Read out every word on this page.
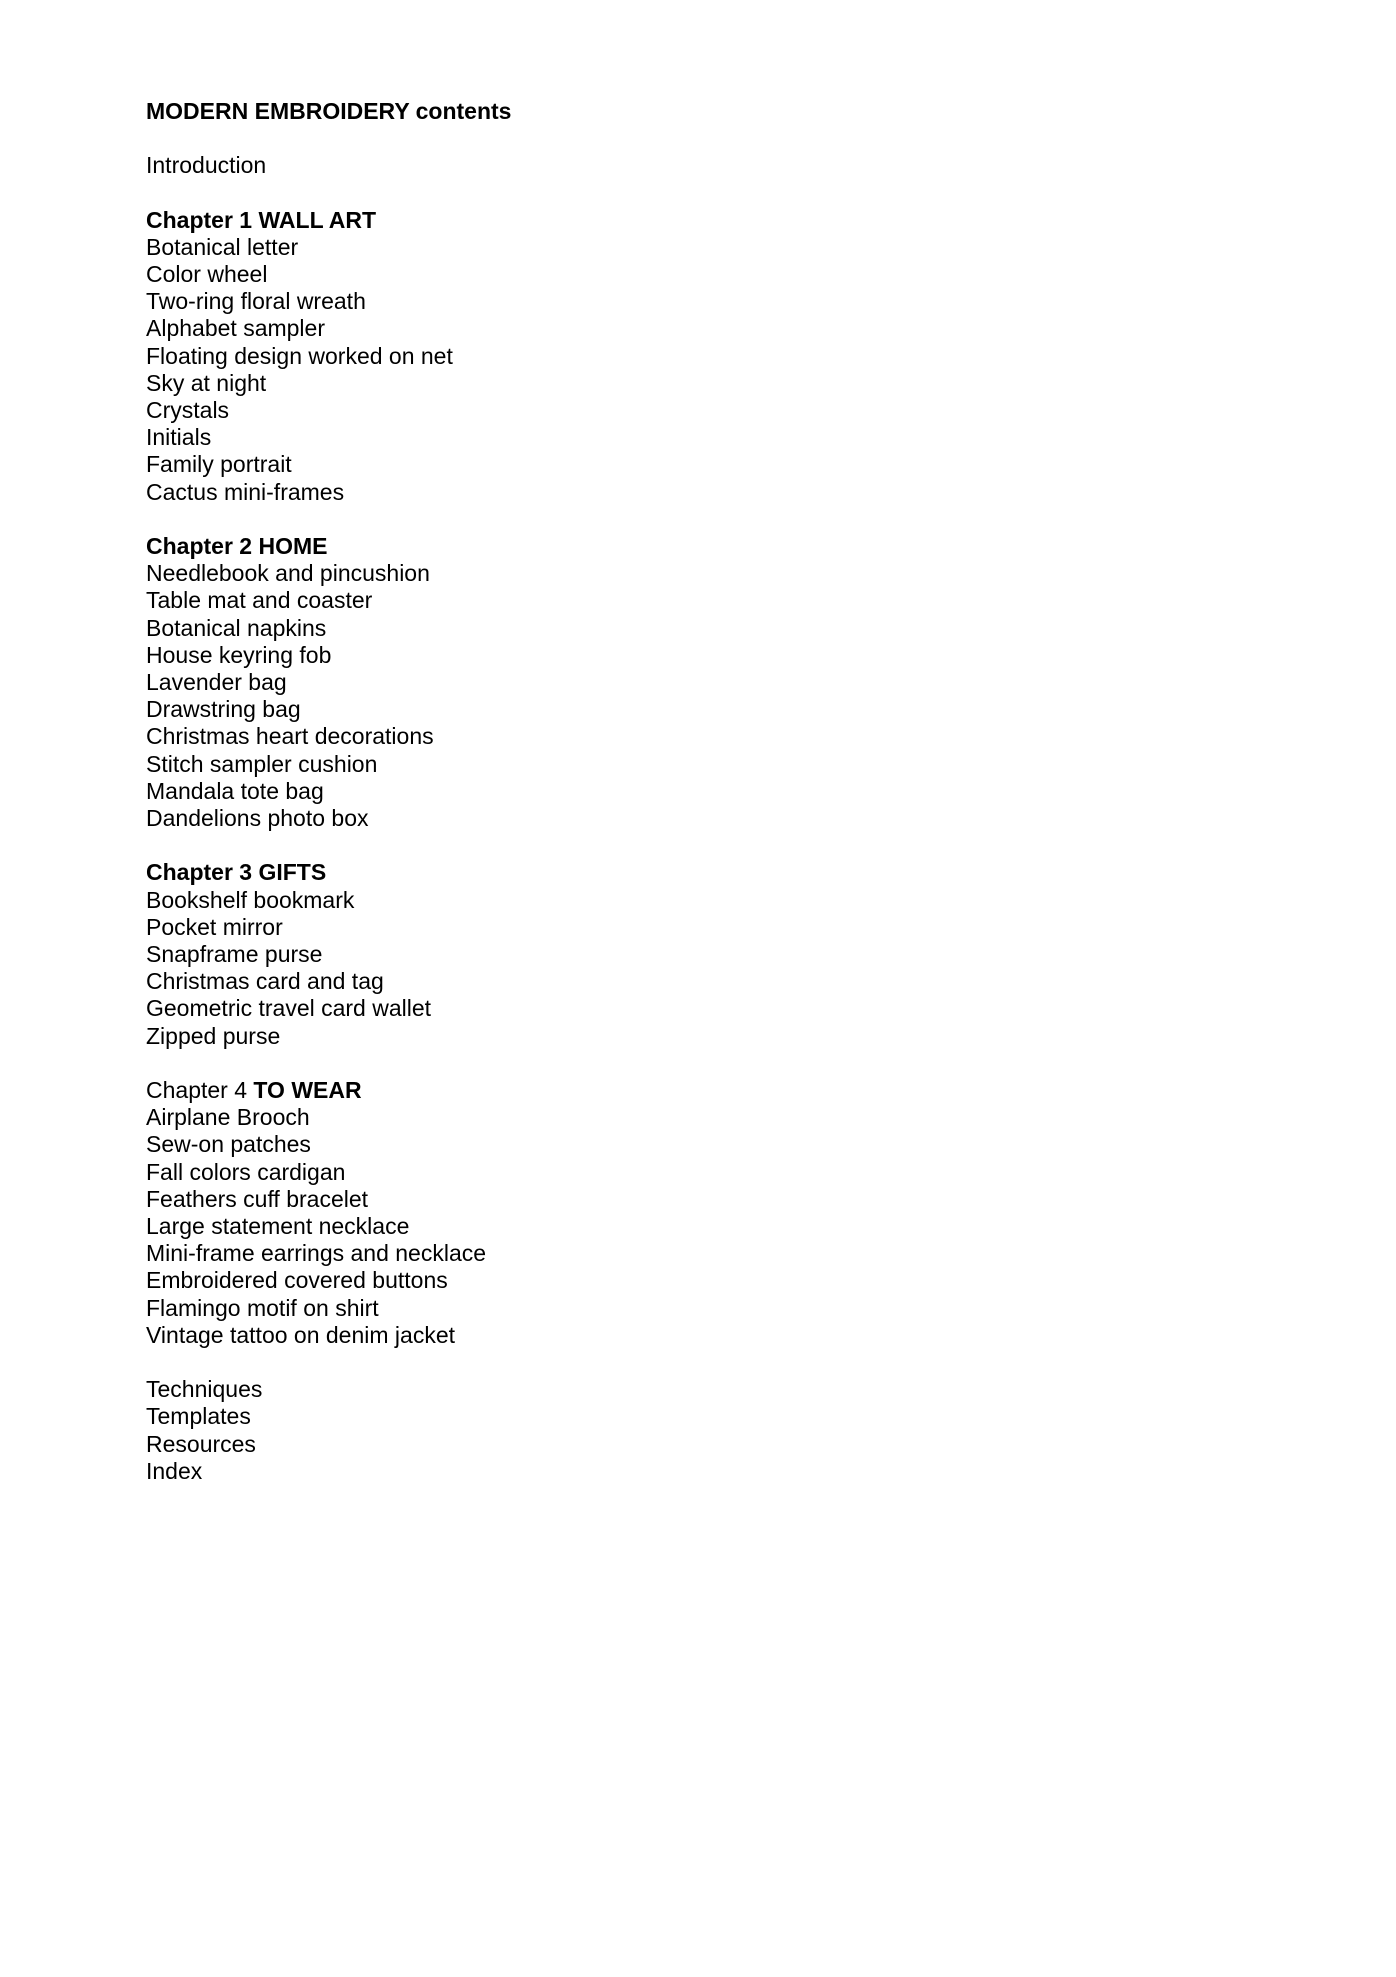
MODERN EMBROIDERY contents
Introduction
Chapter 1 WALL ART
Botanical letter
Color wheel
Two-ring floral wreath
Alphabet sampler
Floating design worked on net
Sky at night
Crystals
Initials
Family portrait
Cactus mini-frames
Chapter 2 HOME
Needlebook and pincushion
Table mat and coaster
Botanical napkins
House keyring fob
Lavender bag
Drawstring bag
Christmas heart decorations
Stitch sampler cushion
Mandala tote bag
Dandelions photo box
Chapter 3 GIFTS
Bookshelf bookmark
Pocket mirror
Snapframe purse
Christmas card and tag
Geometric travel card wallet
Zipped purse
Chapter 4 TO WEAR
Airplane Brooch
Sew-on patches
Fall colors cardigan
Feathers cuff bracelet
Large statement necklace
Mini-frame earrings and necklace
Embroidered covered buttons
Flamingo motif on shirt
Vintage tattoo on denim jacket
Techniques
Templates
Resources
Index
